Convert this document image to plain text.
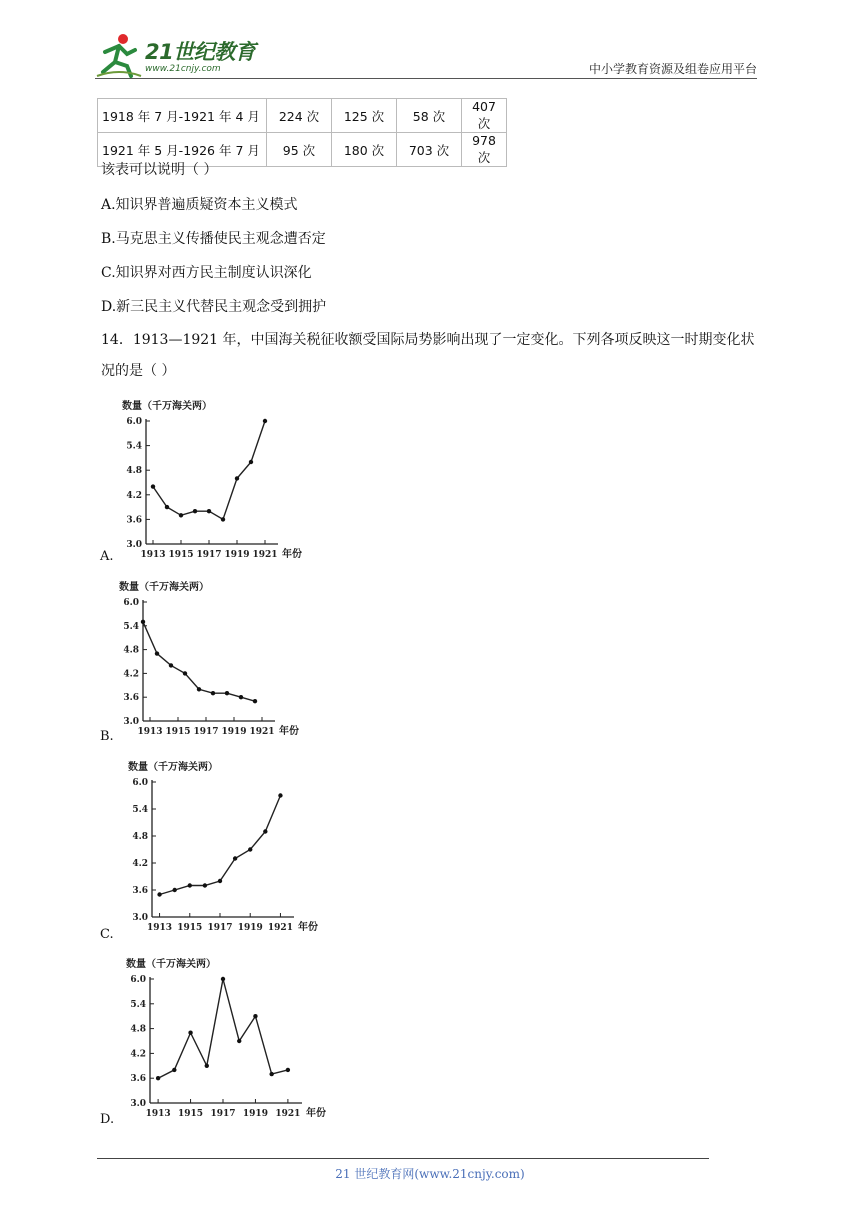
21世纪教育
www.21cnjy.com	中小学教育资源及组卷应用平台
1918 年 7 月-1921 年 4 月	224 次	125 次	58 次	407 次
1921 年 5 月-1926 年 7 月	95 次	180 次	703 次	978 次
该表可以说明（ ）
A.知识界普遍质疑资本主义模式
B.马克思主义传播使民主观念遭否定
C.知识界对西方民主制度认识深化
D.新三民主义代替民主观念受到拥护
14．1913—1921 年，中国海关税征收额受国际局势影响出现了一定变化。下列各项反映这一时期变化状况的是（ ）
数量（千万海关两）
6.0
5.4
4.8
4.2
3.6
3.0
1913 1915 1917 1919 1921 年份
A.
数量（千万海关两）
6.0
5.4
4.8
4.2
3.6
3.0
1913 1915 1917 1919 1921 年份
B.
数量（千万海关两）
6.0
5.4
4.8
4.2
3.6
3.0
1913 1915 1917 1919 1921 年份
C.
数量（千万海关两）
6.0
5.4
4.8
4.2
3.6
3.0
1913 1915 1917 1919 1921 年份
D.
21 世纪教育网(www.21cnjy.com)
